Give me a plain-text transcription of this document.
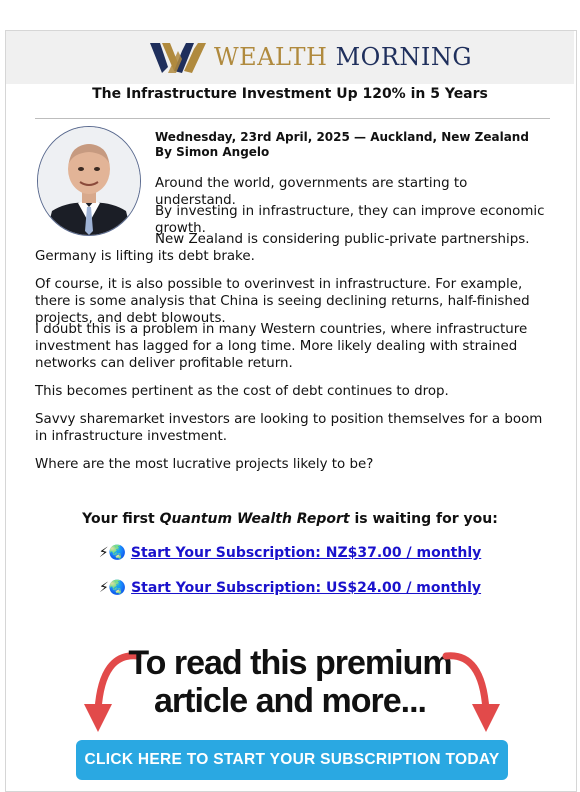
WEALTH MORNING
The Infrastructure Investment Up 120% in 5 Years
Wednesday, 23rd April, 2025 — Auckland, New Zealand
By Simon Angelo
Around the world, governments are starting to understand.
By investing in infrastructure, they can improve economic growth.
New Zealand is considering public-private partnerships. Germany is lifting its debt brake.
Of course, it is also possible to overinvest in infrastructure. For example, there is some analysis that China is seeing declining returns, half-finished projects, and debt blowouts.
I doubt this is a problem in many Western countries, where infrastructure investment has lagged for a long time. More likely dealing with strained networks can deliver profitable return.
This becomes pertinent as the cost of debt continues to drop.
Savvy sharemarket investors are looking to position themselves for a boom in infrastructure investment.
Where are the most lucrative projects likely to be?
Your first Quantum Wealth Report is waiting for you:
⚡🌏 Start Your Subscription: NZ$37.00 / monthly
⚡🌏 Start Your Subscription: US$24.00 / monthly
To read this premium
article and more...
CLICK HERE TO START YOUR SUBSCRIPTION TODAY
